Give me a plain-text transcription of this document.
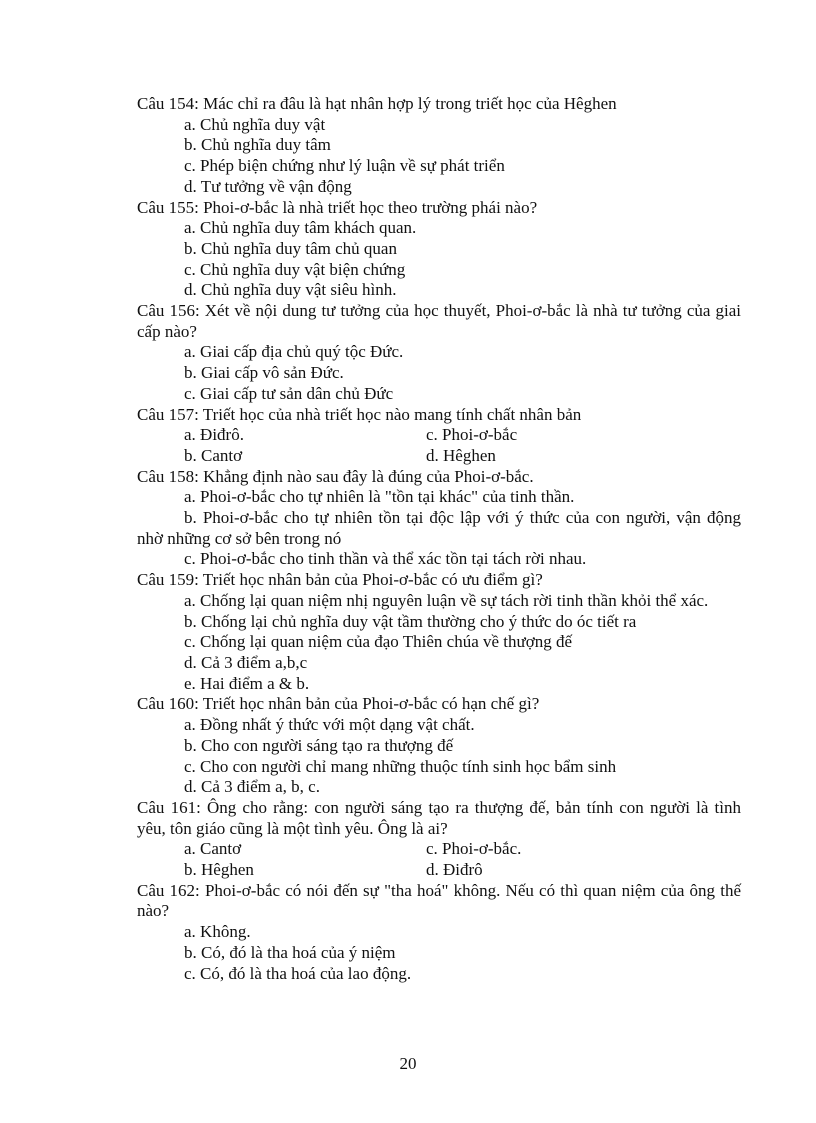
Câu 154: Mác chỉ ra đâu là hạt nhân hợp lý trong triết học của Hêghen

a. Chủ nghĩa duy vật

b. Chủ nghĩa duy tâm

c. Phép biện chứng như lý luận về sự phát triển

d. Tư tưởng về vận động

Câu 155: Phoi-ơ-bắc là nhà triết học theo trường phái nào?

a. Chủ nghĩa duy tâm khách quan.

b. Chủ nghĩa duy tâm chủ quan

c. Chủ nghĩa duy vật biện chứng

d. Chủ nghĩa duy vật siêu hình.

Câu 156: Xét về nội dung tư tưởng của học thuyết, Phoi-ơ-bắc là nhà tư tưởng của giai cấp nào?

a. Giai cấp địa chủ quý tộc Đức.

b. Giai cấp vô sản Đức.

c. Giai cấp tư sản dân chủ Đức

Câu 157: Triết học của nhà triết học nào mang tính chất nhân bản

a. Điđrô.	c. Phoi-ơ-bắc
b. Cantơ	d. Hêghen

Câu 158: Khẳng định nào sau đây là đúng của Phoi-ơ-bắc.

a. Phoi-ơ-bắc cho tự nhiên là "tồn tại khác" của tinh thần.

b. Phoi-ơ-bắc cho tự nhiên tồn tại độc lập với ý thức của con người, vận động nhờ những cơ sở bên trong nó

c. Phoi-ơ-bắc cho tinh thần và thể xác tồn tại tách rời nhau.

Câu 159: Triết học nhân bản của Phoi-ơ-bắc có ưu điểm gì?

a. Chống lại quan niệm nhị nguyên luận về sự tách rời tinh thần khỏi thể xác.

b. Chống lại chủ nghĩa duy vật tầm thường cho ý thức do óc tiết ra

c. Chống lại quan niệm của đạo Thiên chúa về thượng đế

d. Cả 3 điểm a,b,c

e. Hai điểm a & b.

Câu 160: Triết học nhân bản của Phoi-ơ-bắc có hạn chế gì?

a. Đồng nhất ý thức với một dạng vật chất.

b. Cho con người sáng tạo ra thượng đế

c. Cho con người chỉ mang những thuộc tính sinh học bẩm sinh

d. Cả 3 điểm a, b, c.

Câu 161: Ông cho rằng: con người sáng tạo ra thượng đế, bản tính con người là tình yêu, tôn giáo cũng là một tình yêu. Ông là ai?

a. Cantơ	c. Phoi-ơ-bắc.
b. Hêghen	d. Điđrô

Câu 162: Phoi-ơ-bắc có nói đến sự "tha hoá" không. Nếu có thì quan niệm của ông thế nào?

a. Không.

b. Có, đó là tha hoá của ý niệm

c. Có, đó là tha hoá của lao động.

20
